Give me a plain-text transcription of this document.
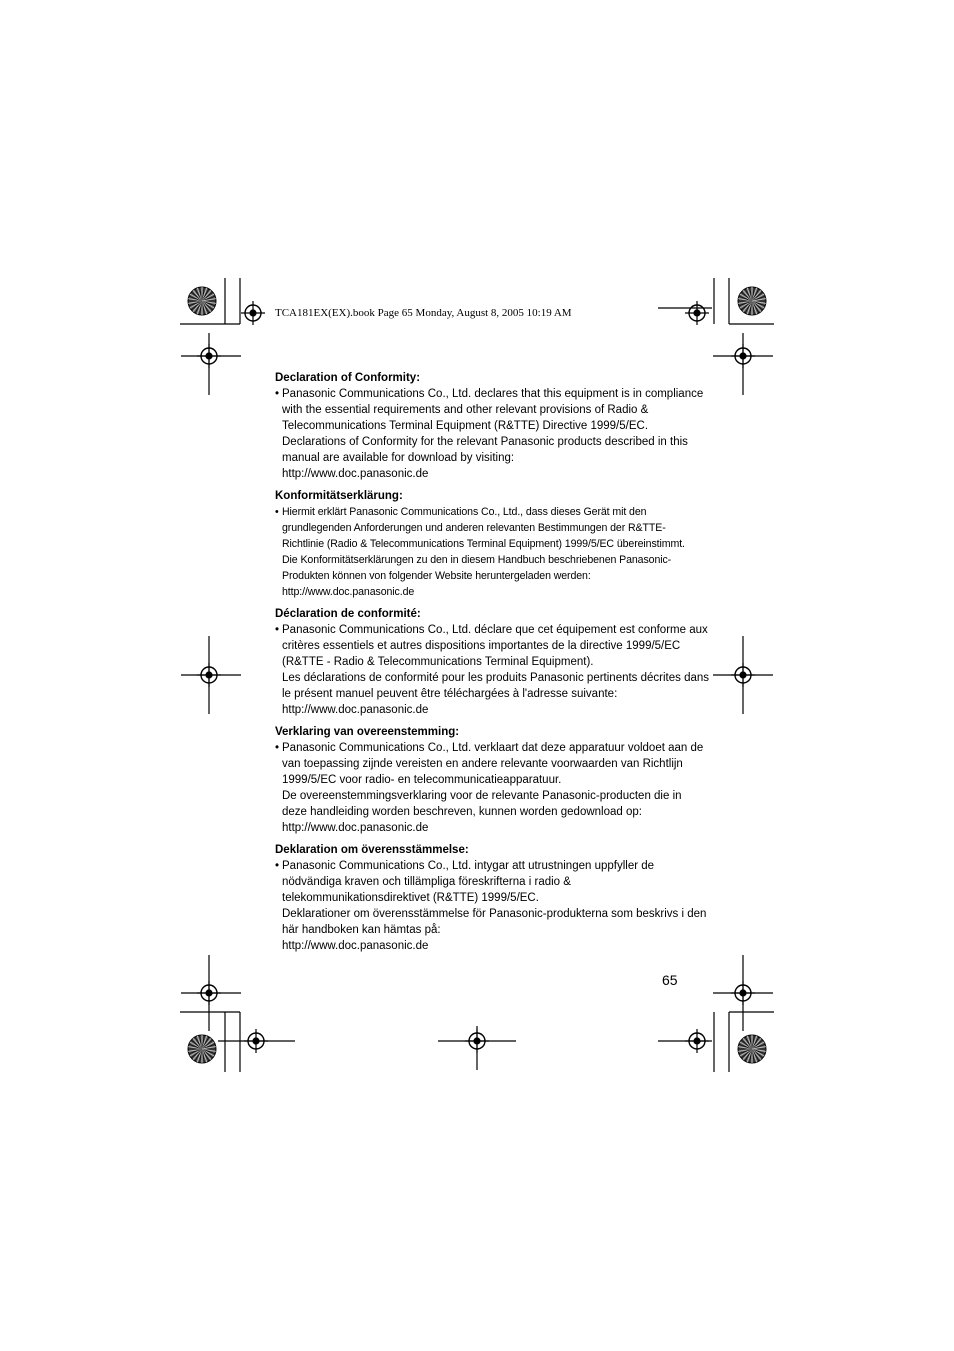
TCA181EX(EX).book Page 65 Monday, August 8, 2005 10:19 AM
Declaration of Conformity:
• Panasonic Communications Co., Ltd. declares that this equipment is in compliance
with the essential requirements and other relevant provisions of Radio &
Telecommunications Terminal Equipment (R&TTE) Directive 1999/5/EC.
Declarations of Conformity for the relevant Panasonic products described in this
manual are available for download by visiting:
http://www.doc.panasonic.de
Konformitätserklärung:
• Hiermit erklärt Panasonic Communications Co., Ltd., dass dieses Gerät mit den
grundlegenden Anforderungen und anderen relevanten Bestimmungen der R&TTE-
Richtlinie (Radio & Telecommunications Terminal Equipment) 1999/5/EC übereinstimmt.
Die Konformitätserklärungen zu den in diesem Handbuch beschriebenen Panasonic-
Produkten können von folgender Website heruntergeladen werden:
http://www.doc.panasonic.de
Déclaration de conformité:
• Panasonic Communications Co., Ltd. déclare que cet équipement est conforme aux
critères essentiels et autres dispositions importantes de la directive 1999/5/EC
(R&TTE - Radio & Telecommunications Terminal Equipment).
Les déclarations de conformité pour les produits Panasonic pertinents décrites dans
le présent manuel peuvent être téléchargées à l'adresse suivante:
http://www.doc.panasonic.de
Verklaring van overeenstemming:
• Panasonic Communications Co., Ltd. verklaart dat deze apparatuur voldoet aan de
van toepassing zijnde vereisten en andere relevante voorwaarden van Richtlijn
1999/5/EC voor radio- en telecommunicatieapparatuur.
De overeenstemmingsverklaring voor de relevante Panasonic-producten die in
deze handleiding worden beschreven, kunnen worden gedownload op:
http://www.doc.panasonic.de
Deklaration om överensstämmelse:
• Panasonic Communications Co., Ltd. intygar att utrustningen uppfyller de
nödvändiga kraven och tillämpliga föreskrifterna i radio &
telekommunikationsdirektivet (R&TTE) 1999/5/EC.
Deklarationer om överensstämmelse för Panasonic-produkterna som beskrivs i den
här handboken kan hämtas på:
http://www.doc.panasonic.de
65
